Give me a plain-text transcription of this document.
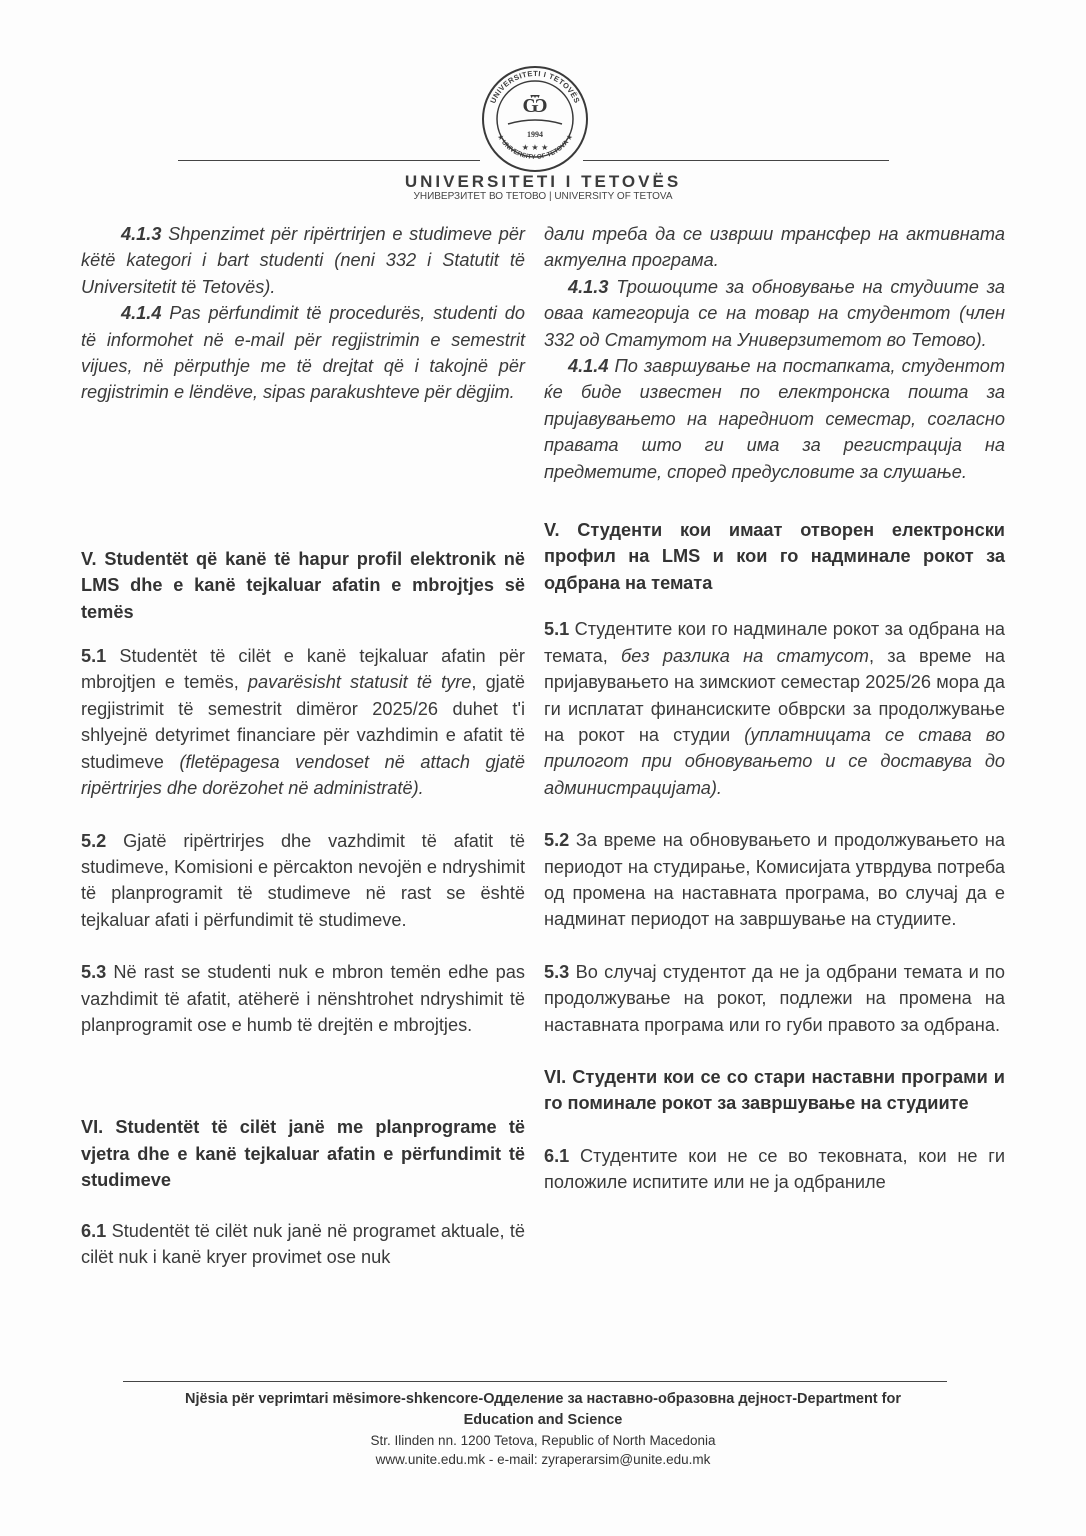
UNIVERSITETI I TETOVËS
★ UNIVERSITY OF TETOVA ★
Ѿ
1994
★ ★ ★
UNIVERSITETI I TETOVËS
УНИВЕРЗИТЕТ ВО ТЕТОВО | UNIVERSITY OF TETOVA

4.1.3 Shpenzimet për ripërtrirjen e studimeve për këtë kategori i bart studenti (neni 332 i Statutit të Universitetit të Tetovës).

4.1.4 Pas përfundimit të procedurës, studenti do të informohet në e-mail për regjistrimin e semestrit vijues, në përputhje me të drejtat që i takojnë për regjistrimin e lëndëve, sipas parakushteve për dëgjim.

V. Studentët që kanë të hapur profil elektronik në LMS dhe e kanë tejkaluar afatin e mbrojtjes së temës

5.1 Studentët të cilët e kanë tejkaluar afatin për mbrojtjen e temës, pavarësisht statusit të tyre, gjatë regjistrimit të semestrit dimëror 2025/26 duhet t'i shlyejnë detyrimet financiare për vazhdimin e afatit të studimeve (fletëpagesa vendoset në attach gjatë ripërtrirjes dhe dorëzohet në administratë).

5.2 Gjatë ripërtrirjes dhe vazhdimit të afatit të studimeve, Komisioni e përcakton nevojën e ndryshimit të planprogramit të studimeve në rast se është tejkaluar afati i përfundimit të studimeve.

5.3 Në rast se studenti nuk e mbron temën edhe pas vazhdimit të afatit, atëherë i nënshtrohet ndryshimit të planprogramit ose e humb të drejtën e mbrojtjes.

VI. Studentët të cilët janë me planprograme të vjetra dhe e kanë tejkaluar afatin e përfundimit të studimeve

6.1 Studentët të cilët nuk janë në programet aktuale, të cilët nuk i kanë kryer provimet ose nuk

дали треба да се изврши трансфер на активната актуелна програма.

4.1.3 Трошоците за обновување на студиите за оваа категорија се на товар на студентот (член 332 од Статутот на Универзитетот во Тетово).

4.1.4 По завршување на постапката, студентот ќе биде известен по електронска пошта за пријавувањето на наредниот семестар, согласно правата што ги има за регистрација на предметите, според предусловите за слушање.

V. Студенти кои имаат отворен електронски профил на LMS и кои го надминале рокот за одбрана на темата

5.1 Студентите кои го надминале рокот за одбрана на темата, без разлика на статусот, за време на пријавувањето на зимскиот семестар 2025/26 мора да ги исплатат финансиските обврски за продолжување на рокот на студии (уплатницата се става во прилогот при обновувањето и се доставува до администрацијата).

5.2 За време на обновувањето и продолжувањето на периодот на студирање, Комисијата утврдува потреба од промена на наставната програма, во случај да е надминат периодот на завршување на студиите.

5.3 Во случај студентот да не ја одбрани темата и по продолжување на рокот, подлежи на промена на наставната програма или го губи правото за одбрана.

VI. Студенти кои се со стари наставни програми и го поминале рокот за завршување на студиите

6.1 Студентите кои не се во тековната, кои не ги положиле испитите или не ја одбраниле

Njësia për veprimtari mësimore-shkencore-Одделение за наставно-образовна дејност-Department for
Education and Science
Str. Ilinden nn. 1200 Tetova, Republic of North Macedonia
www.unite.edu.mk - e-mail: zyraperarsim@unite.edu.mk
